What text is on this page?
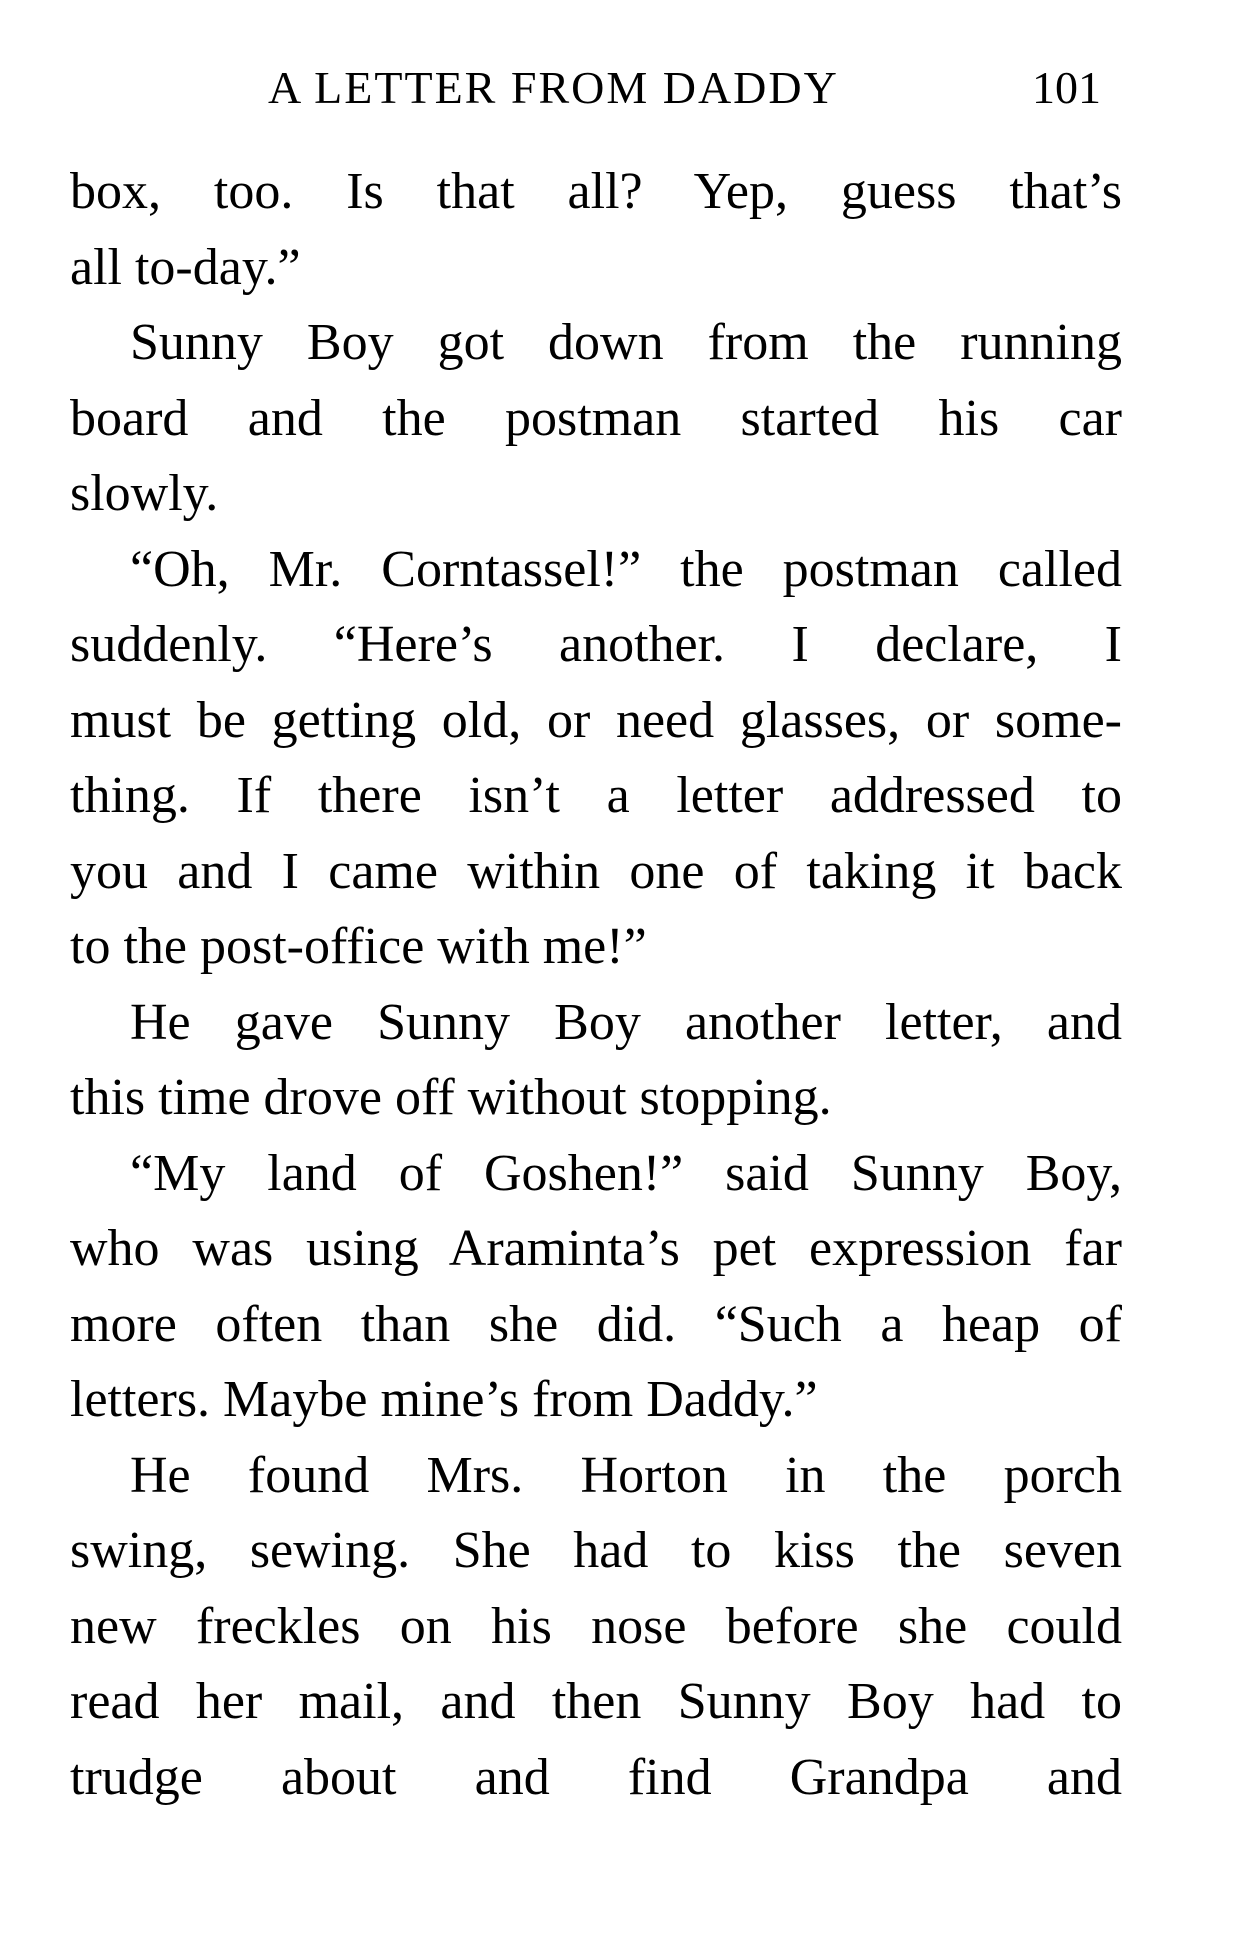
A LETTER FROM DADDY	101
box, too. Is that all? Yep, guess that’s
all to-day.”
Sunny Boy got down from the running
board and the postman started his car
slowly.
“Oh, Mr. Corntassel!” the postman called
suddenly. “Here’s another. I declare, I
must be getting old, or need glasses, or some-
thing. If there isn’t a letter addressed to
you and I came within one of taking it back
to the post-office with me!”
He gave Sunny Boy another letter, and
this time drove off without stopping.
“My land of Goshen!” said Sunny Boy,
who was using Araminta’s pet expression far
more often than she did. “Such a heap of
letters. Maybe mine’s from Daddy.”
He found Mrs. Horton in the porch
swing, sewing. She had to kiss the seven
new freckles on his nose before she could
read her mail, and then Sunny Boy had to
trudge about and find Grandpa and
